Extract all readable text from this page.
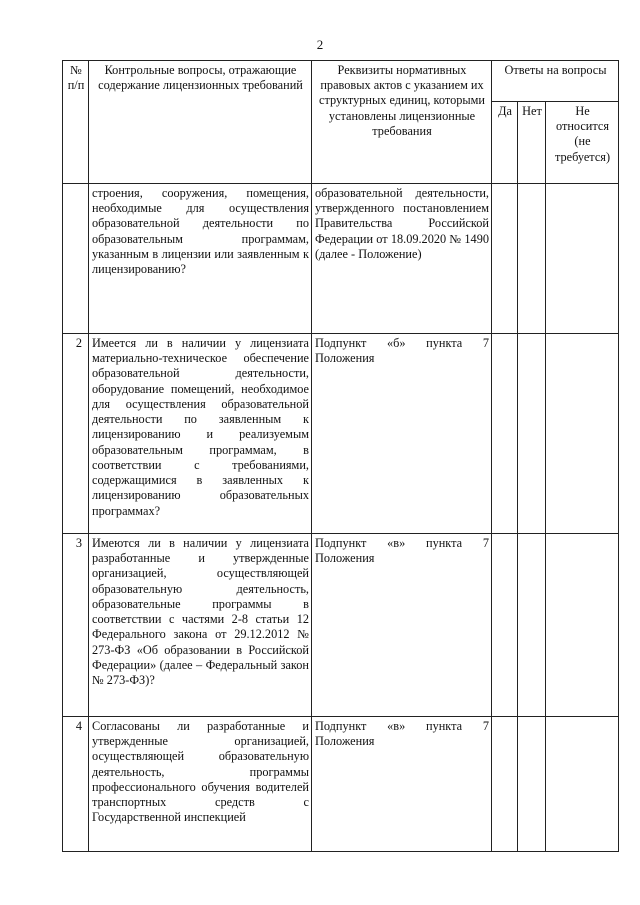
2
№
п/п	Контрольные вопросы, отражающие содержание лицензионных требований	Реквизиты нормативных правовых актов с указанием их структурных единиц, которыми установлены лицензионные требования	Ответы на вопросы		
			Да	Нет	Не относится (не требуется)
	строения, сооружения, помещения, необходимые для осуществления образовательной деятельности по образовательным программам, указанным в лицензии или заявленным к лицензированию?	образовательной деятельности, утвержденного постановлением Правительства Российской Федерации от 18.09.2020 № 1490 (далее - Положение)			
2	Имеется ли в наличии у лицензиата материально-техническое обеспечение образовательной деятельности, оборудование помещений, необходимое для осуществления образовательной деятельности по заявленным к лицензированию и реализуемым образовательным программам, в соответствии с требованиями, содержащимися в заявленных к лицензированию образовательных программах?	Подпункт «б» пункта 7 Положения			
3	Имеются ли в наличии у лицензиата разработанные и утвержденные организацией, осуществляющей образовательную деятельность, образовательные программы в соответствии с частями 2-8 статьи 12 Федерального закона от 29.12.2012 № 273-ФЗ «Об образовании в Российской Федерации» (далее – Федеральный закон № 273-ФЗ)?	Подпункт «в» пункта 7 Положения			
4	Согласованы ли разработанные и утвержденные организацией, осуществляющей образовательную деятельность, программы профессионального обучения водителей транспортных средств с Государственной инспекцией	Подпункт «в» пункта 7 Положения			
